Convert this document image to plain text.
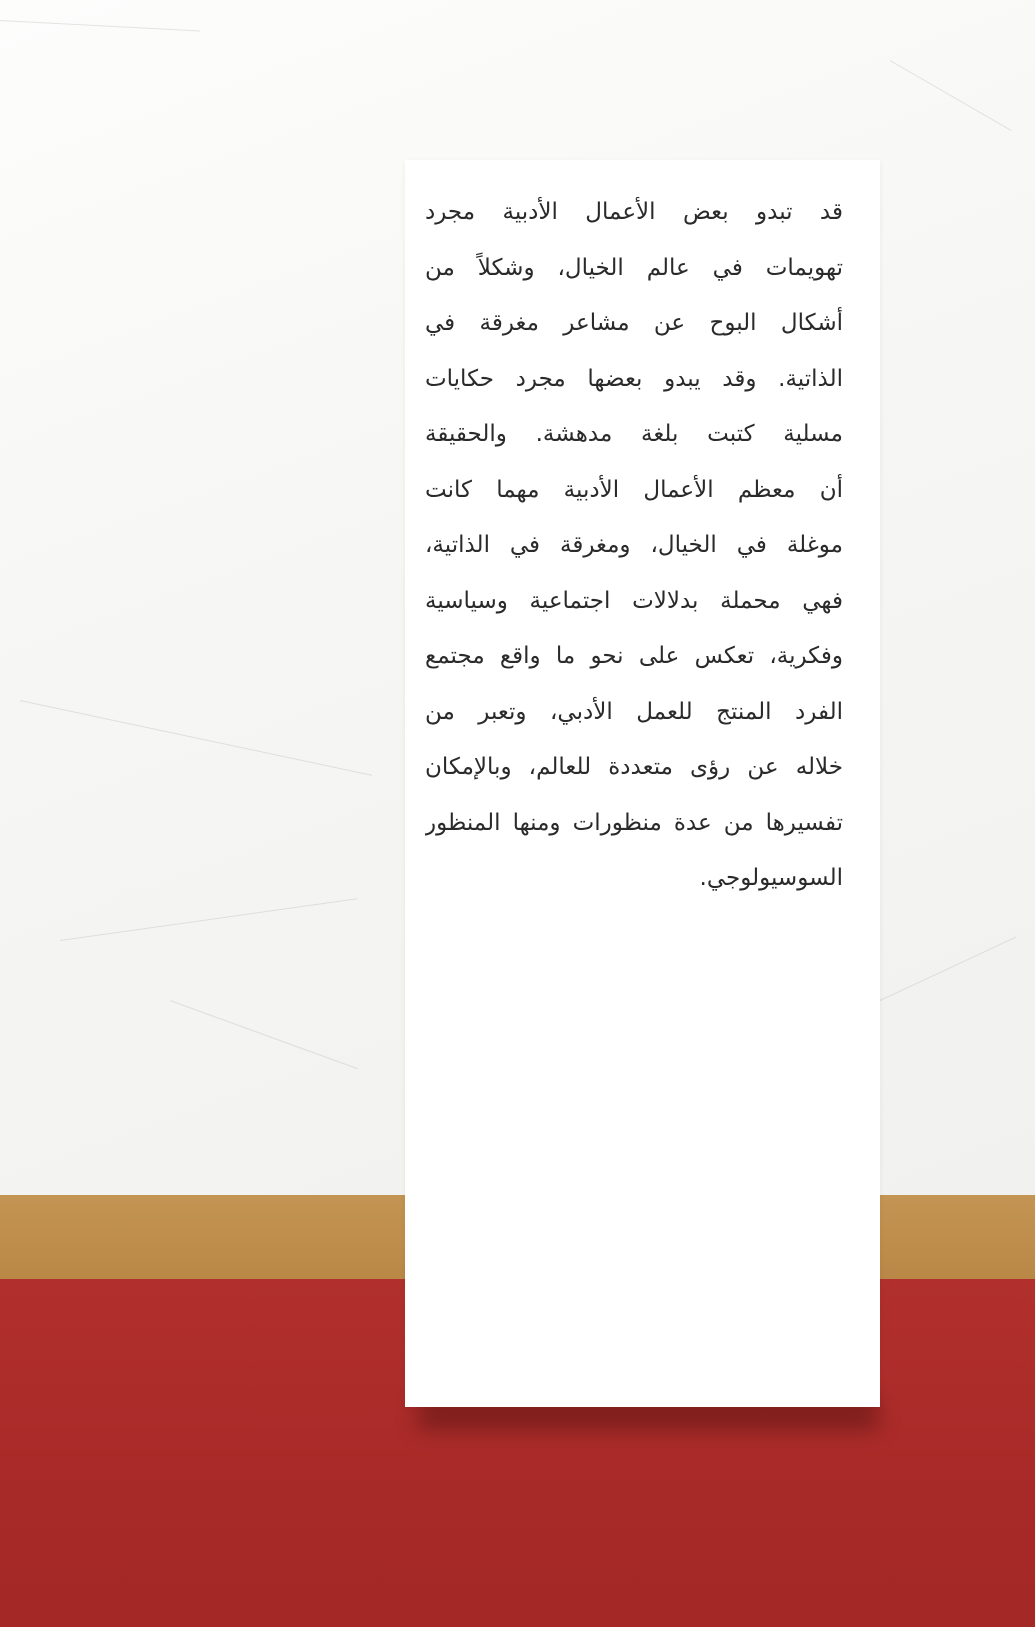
قد تبدو بعض الأعمال الأدبية مجرد
تهويمات في عالم الخيال، وشكلاً من
أشكال البوح عن مشاعر مغرقة في
الذاتية. وقد يبدو بعضها مجرد حكايات
مسلية كتبت بلغة مدهشة. والحقيقة
أن معظم الأعمال الأدبية مهما كانت
موغلة في الخيال، ومغرقة في الذاتية،
فهي محملة بدلالات اجتماعية وسياسية
وفكرية، تعكس على نحو ما واقع مجتمع
الفرد المنتج للعمل الأدبي، وتعبر من
خلاله عن رؤى متعددة للعالم، وبالإمكان
تفسيرها من عدة منظورات ومنها المنظور
السوسيولوجي.
